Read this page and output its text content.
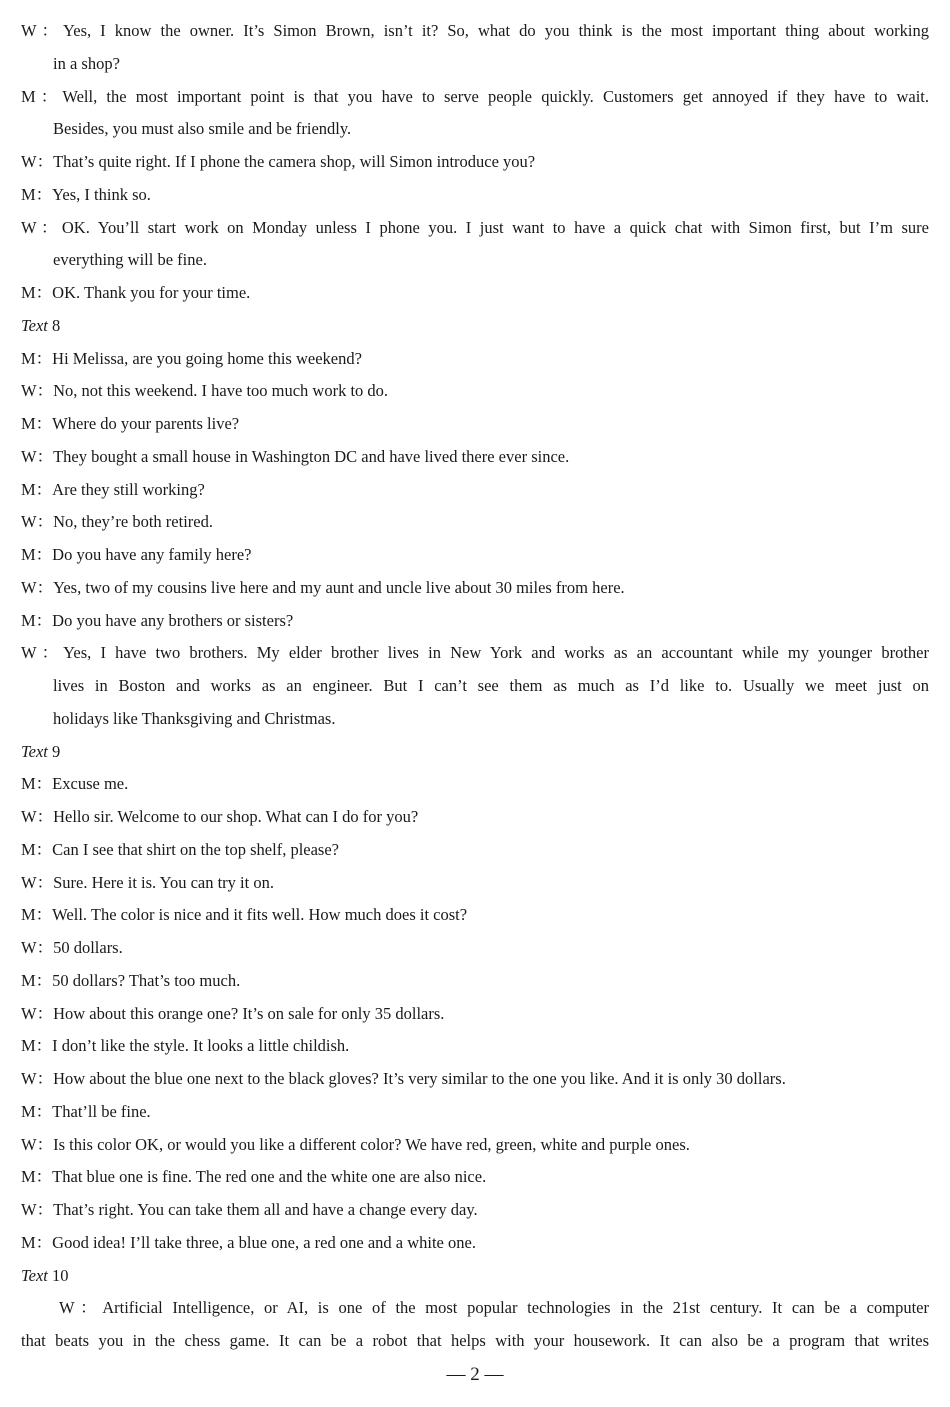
W：Yes, I know the owner. It’s Simon Brown, isn’t it? So, what do you think is the most important thing about working
in a shop?
M：Well, the most important point is that you have to serve people quickly. Customers get annoyed if they have to wait.
Besides, you must also smile and be friendly.
W：That’s quite right. If I phone the camera shop, will Simon introduce you?
M：Yes, I think so.
W：OK. You’ll start work on Monday unless I phone you. I just want to have a quick chat with Simon first, but I’m sure
everything will be fine.
M：OK. Thank you for your time.
Text 8
M：Hi Melissa, are you going home this weekend?
W：No, not this weekend. I have too much work to do.
M：Where do your parents live?
W：They bought a small house in Washington DC and have lived there ever since.
M：Are they still working?
W：No, they’re both retired.
M：Do you have any family here?
W：Yes, two of my cousins live here and my aunt and uncle live about 30 miles from here.
M：Do you have any brothers or sisters?
W：Yes, I have two brothers. My elder brother lives in New York and works as an accountant while my younger brother
lives in Boston and works as an engineer. But I can’t see them as much as I’d like to. Usually we meet just on
holidays like Thanksgiving and Christmas.
Text 9
M：Excuse me.
W：Hello sir. Welcome to our shop. What can I do for you?
M：Can I see that shirt on the top shelf, please?
W：Sure. Here it is. You can try it on.
M：Well. The color is nice and it fits well. How much does it cost?
W：50 dollars.
M：50 dollars? That’s too much.
W：How about this orange one? It’s on sale for only 35 dollars.
M：I don’t like the style. It looks a little childish.
W：How about the blue one next to the black gloves? It’s very similar to the one you like. And it is only 30 dollars.
M：That’ll be fine.
W：Is this color OK, or would you like a different color? We have red, green, white and purple ones.
M：That blue one is fine. The red one and the white one are also nice.
W：That’s right. You can take them all and have a change every day.
M：Good idea! I’ll take three, a blue one, a red one and a white one.
Text 10
W：Artificial Intelligence, or AI, is one of the most popular technologies in the 21st century. It can be a computer
that beats you in the chess game. It can be a robot that helps with your housework. It can also be a program that writes
— 2 —
